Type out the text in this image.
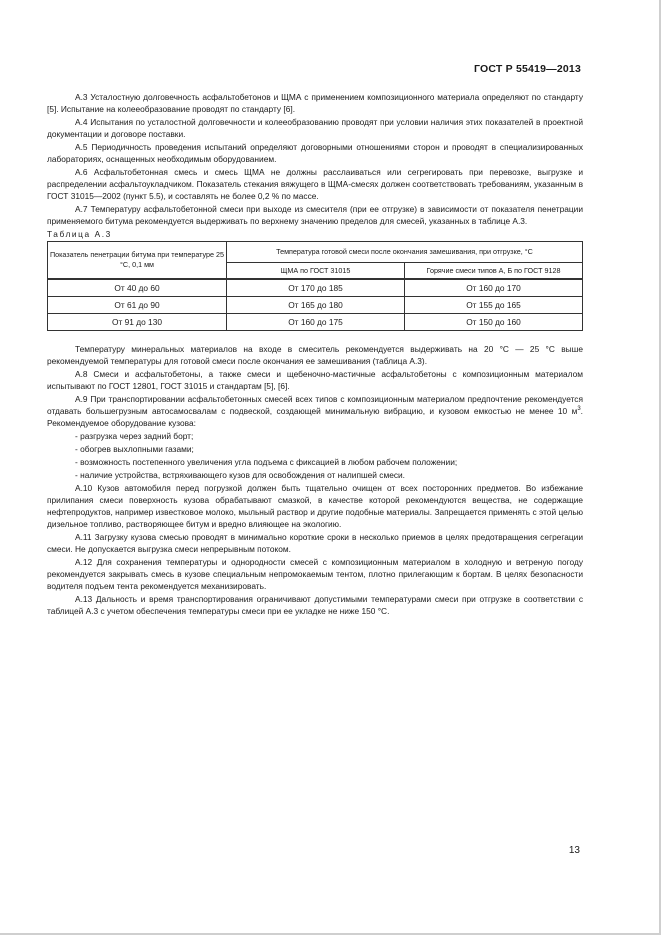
ГОСТ Р 55419—2013

А.3 Усталостную долговечность асфальтобетонов и ЩМА с применением композиционного материала определяют по стандарту [5]. Испытание на колееобразование проводят по стандарту [6].

А.4 Испытания по усталостной долговечности и колееобразованию проводят при условии наличия этих показателей в проектной документации и договоре поставки.

А.5 Периодичность проведения испытаний определяют договорными отношениями сторон и проводят в специализированных лабораториях, оснащенных необходимым оборудованием.

А.6 Асфальтобетонная смесь и смесь ЩМА не должны расслаиваться или сегрегировать при перевозке, выгрузке и распределении асфальтоукладчиком. Показатель стекания вяжущего в ЩМА-смесях должен соответствовать требованиям, указанным в ГОСТ 31015—2002 (пункт 5.5), и составлять не более 0,2 % по массе.

А.7 Температуру асфальтобетонной смеси при выходе из смесителя (при ее отгрузке) в зависимости от показателя пенетрации применяемого битума рекомендуется выдерживать по верхнему значению пределов для смесей, указанных в таблице А.3.

Таблица А.3

Показатель пенетрации битума при температуре 25 °С, 0,1 мм	Температура готовой смеси после окончания замешивания, при отгрузке, °С	
	ЩМА по ГОСТ 31015	Горячие смеси типов А, Б по ГОСТ 9128
От 40 до 60	От 170 до 185	От 160 до 170
От 61 до 90	От 165 до 180	От 155 до 165
От 91 до 130	От 160 до 175	От 150 до 160

Температуру минеральных материалов на входе в смеситель рекомендуется выдерживать на 20 °С — 25 °С выше рекомендуемой температуры для готовой смеси после окончания ее замешивания (таблица А.3).

А.8 Смеси и асфальтобетоны, а также смеси и щебеночно-мастичные асфальтобетоны с композиционным материалом испытывают по ГОСТ 12801, ГОСТ 31015 и стандартам [5], [6].

А.9 При транспортировании асфальтобетонных смесей всех типов с композиционным материалом предпочтение рекомендуется отдавать большегрузным автосамосвалам с подвеской, создающей минимальную вибрацию, и кузовом емкостью не менее 10 $м^3$. Рекомендуемое оборудование кузова:

- разгрузка через задний борт;

- обогрев выхлопными газами;

- возможность постепенного увеличения угла подъема с фиксацией в любом рабочем положении;

- наличие устройства, встряхивающего кузов для освобождения от налипшей смеси.

А.10 Кузов автомобиля перед погрузкой должен быть тщательно очищен от всех посторонних предметов. Во избежание прилипания смеси поверхность кузова обрабатывают смазкой, в качестве которой рекомендуются вещества, не содержащие нефтепродуктов, например известковое молоко, мыльный раствор и другие подобные материалы. Запрещается применять с этой целью дизельное топливо, растворяющее битум и вредно влияющее на экологию.

А.11 Загрузку кузова смесью проводят в минимально короткие сроки в несколько приемов в целях предотвращения сегрегации смеси. Не допускается выгрузка смеси непрерывным потоком.

А.12 Для сохранения температуры и однородности смесей с композиционным материалом в холодную и ветреную погоду рекомендуется закрывать смесь в кузове специальным непромокаемым тентом, плотно прилегающим к бортам. В целях безопасности водителя подъем тента рекомендуется механизировать.

А.13 Дальность и время транспортирования ограничивают допустимыми температурами смеси при отгрузке в соответствии с таблицей А.3 с учетом обеспечения температуры смеси при ее укладке не ниже 150 °С.

13
